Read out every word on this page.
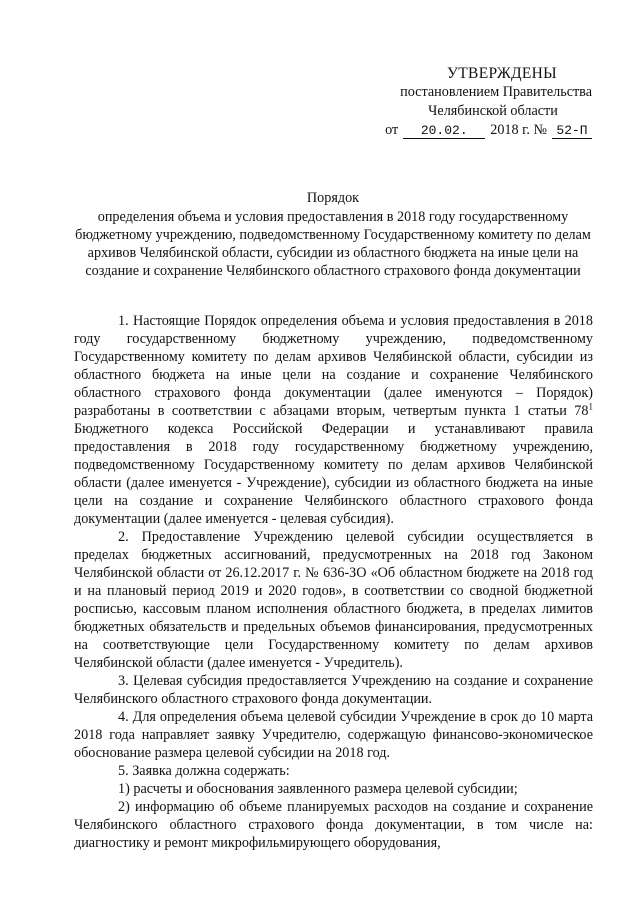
УТВЕРЖДЕНЫ
постановлением Правительства
Челябинской области
от	20.02.	2018 г. № 52-П
Порядок
определения объема и условия предоставления в 2018 году государственному бюджетному учреждению, подведомственному Государственному комитету по делам архивов Челябинской области, субсидии из областного бюджета на иные цели на создание и сохранение Челябинского областного страхового фонда документации

1. Настоящие Порядок определения объема и условия предоставления в 2018 году государственному бюджетному учреждению, подведомственному Государственному комитету по делам архивов Челябинской области, субсидии из областного бюджета на иные цели на создание и сохранение Челябинского областного страхового фонда документации (далее именуются – Порядок) разработаны в соответствии с абзацами вторым, четвертым пункта 1 статьи $78^1$ Бюджетного кодекса Российской Федерации и устанавливают правила предоставления в 2018 году государственному бюджетному учреждению, подведомственному Государственному комитету по делам архивов Челябинской области (далее именуется - Учреждение), субсидии из областного бюджета на иные цели на создание и сохранение Челябинского областного страхового фонда документации (далее именуется - целевая субсидия).

2. Предоставление Учреждению целевой субсидии осуществляется в пределах бюджетных ассигнований, предусмотренных на 2018 год Законом Челябинской области от 26.12.2017 г. № 636-ЗО «Об областном бюджете на 2018 год и на плановый период 2019 и 2020 годов», в соответствии со сводной бюджетной росписью, кассовым планом исполнения областного бюджета, в пределах лимитов бюджетных обязательств и предельных объемов финансирования, предусмотренных на соответствующие цели Государственному комитету по делам архивов Челябинской области (далее именуется - Учредитель).

3. Целевая субсидия предоставляется Учреждению на создание и сохранение Челябинского областного страхового фонда документации.

4. Для определения объема целевой субсидии Учреждение в срок до 10 марта 2018 года направляет заявку Учредителю, содержащую финансово-экономическое обоснование размера целевой субсидии на 2018 год.

5. Заявка должна содержать:

1) расчеты и обоснования заявленного размера целевой субсидии;

2) информацию об объеме планируемых расходов на создание и сохранение Челябинского областного страхового фонда документации, в том числе на: диагностику и ремонт микрофильмирующего оборудования,
